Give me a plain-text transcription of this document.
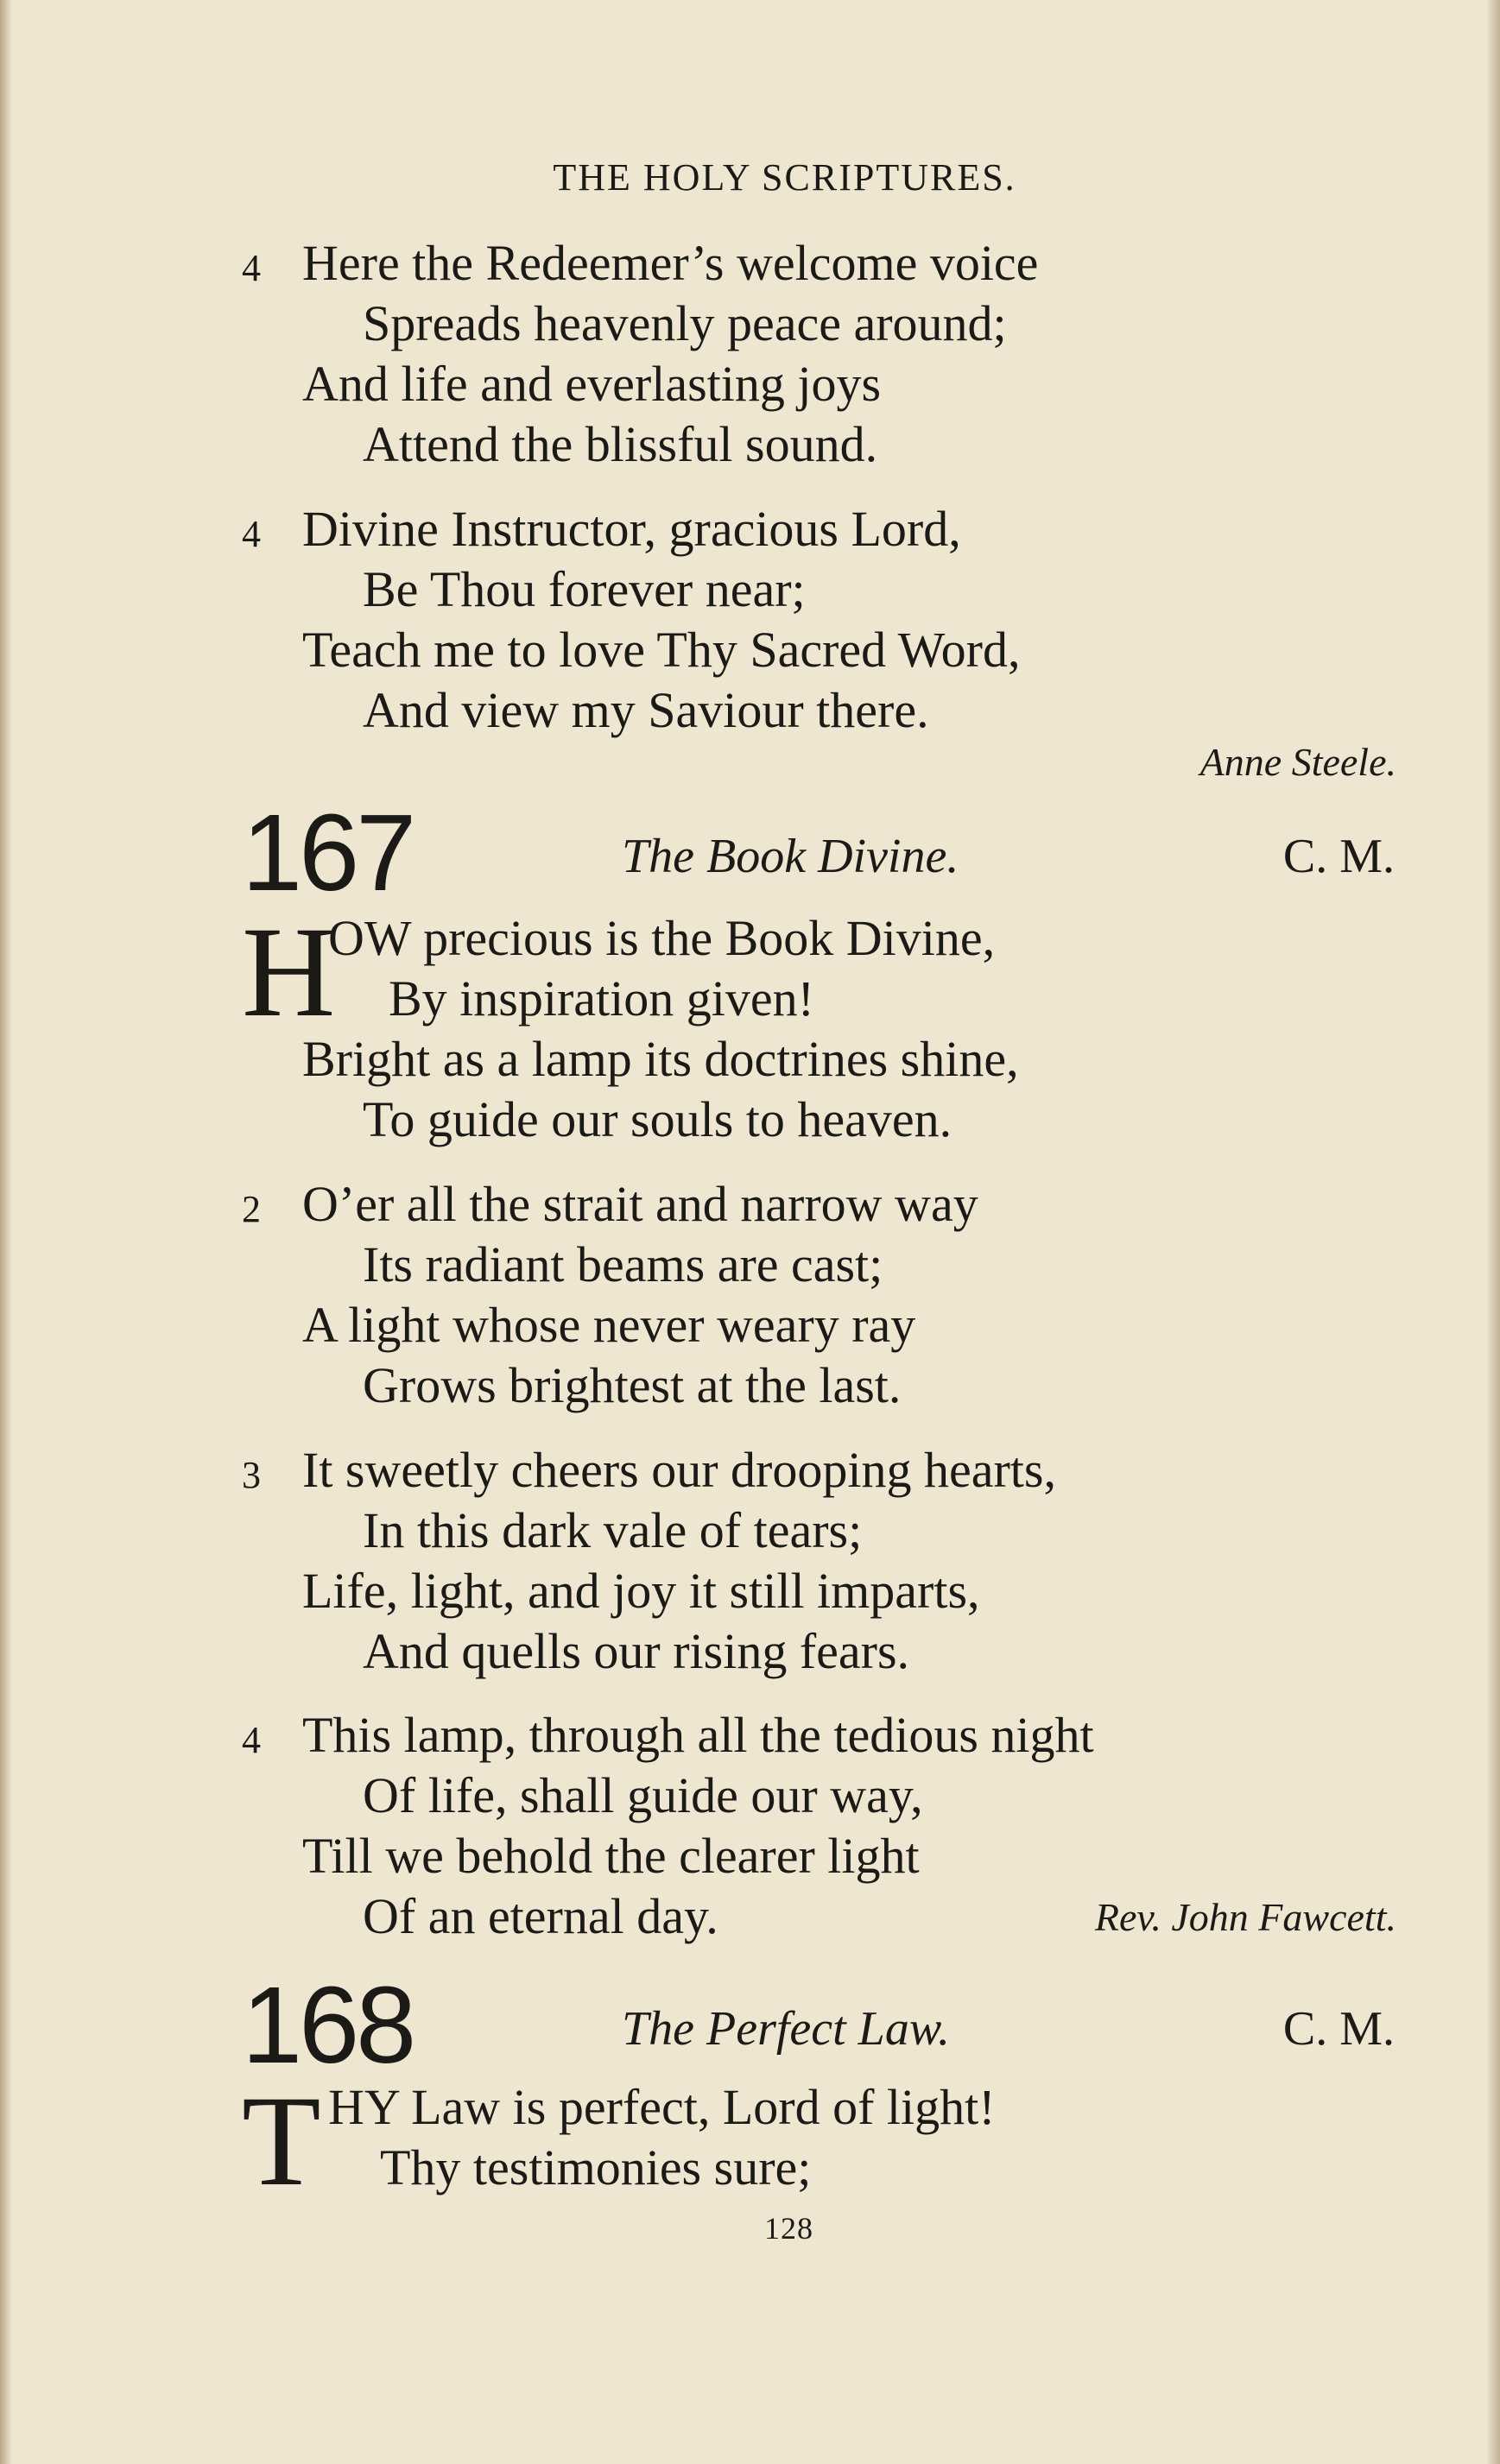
THE HOLY SCRIPTURES.
4 Here the Redeemer’s welcome voice
Spreads heavenly peace around;
And life and everlasting joys
Attend the blissful sound.
4 Divine Instructor, gracious Lord,
Be Thou forever near;
Teach me to love Thy Sacred Word,
And view my Saviour there.
Anne Steele.
167	The Book Divine.	C. M.
H
OW precious is the Book Divine,
By inspiration given!
Bright as a lamp its doctrines shine,
To guide our souls to heaven.
2 O’er all the strait and narrow way
Its radiant beams are cast;
A light whose never weary ray
Grows brightest at the last.
3 It sweetly cheers our drooping hearts,
In this dark vale of tears;
Life, light, and joy it still imparts,
And quells our rising fears.
4 This lamp, through all the tedious night
Of life, shall guide our way,
Till we behold the clearer light
Of an eternal day.	Rev. John Fawcett.
168	The Perfect Law.	C. M.
T HY Law is perfect, Lord of light!
Thy testimonies sure;
128
